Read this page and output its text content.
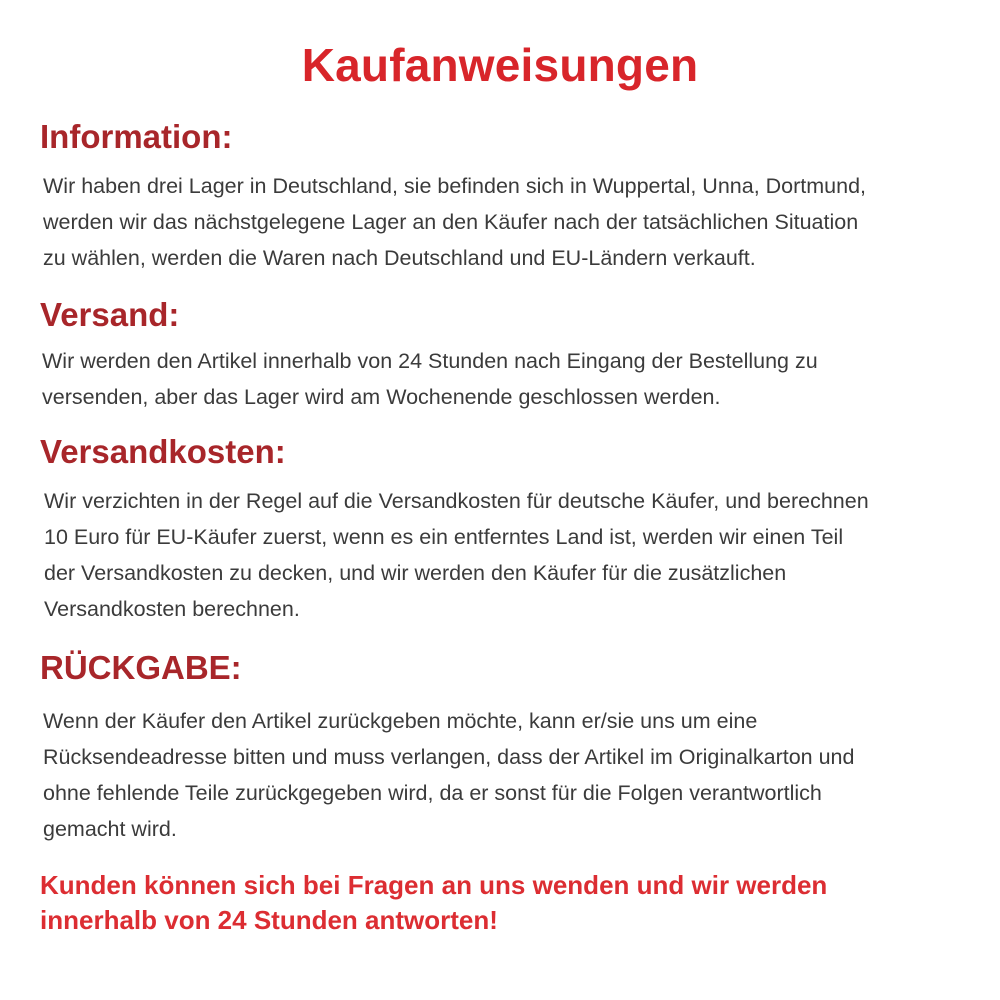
Kaufanweisungen
Information:

Wir haben drei Lager in Deutschland, sie befinden sich in Wuppertal, Unna, Dortmund,
werden wir das nächstgelegene Lager an den Käufer nach der tatsächlichen Situation
zu wählen, werden die Waren nach Deutschland und EU-Ländern verkauft.

Versand:

Wir werden den Artikel innerhalb von 24 Stunden nach Eingang der Bestellung zu
versenden, aber das Lager wird am Wochenende geschlossen werden.

Versandkosten:

Wir verzichten in der Regel auf die Versandkosten für deutsche Käufer, und berechnen
10 Euro für EU-Käufer zuerst, wenn es ein entferntes Land ist, werden wir einen Teil
der Versandkosten zu decken, und wir werden den Käufer für die zusätzlichen
Versandkosten berechnen.

RÜCKGABE:

Wenn der Käufer den Artikel zurückgeben möchte, kann er/sie uns um eine
Rücksendeadresse bitten und muss verlangen, dass der Artikel im Originalkarton und
ohne fehlende Teile zurückgegeben wird, da er sonst für die Folgen verantwortlich
gemacht wird.

Kunden können sich bei Fragen an uns wenden und wir werden
innerhalb von 24 Stunden antworten!
